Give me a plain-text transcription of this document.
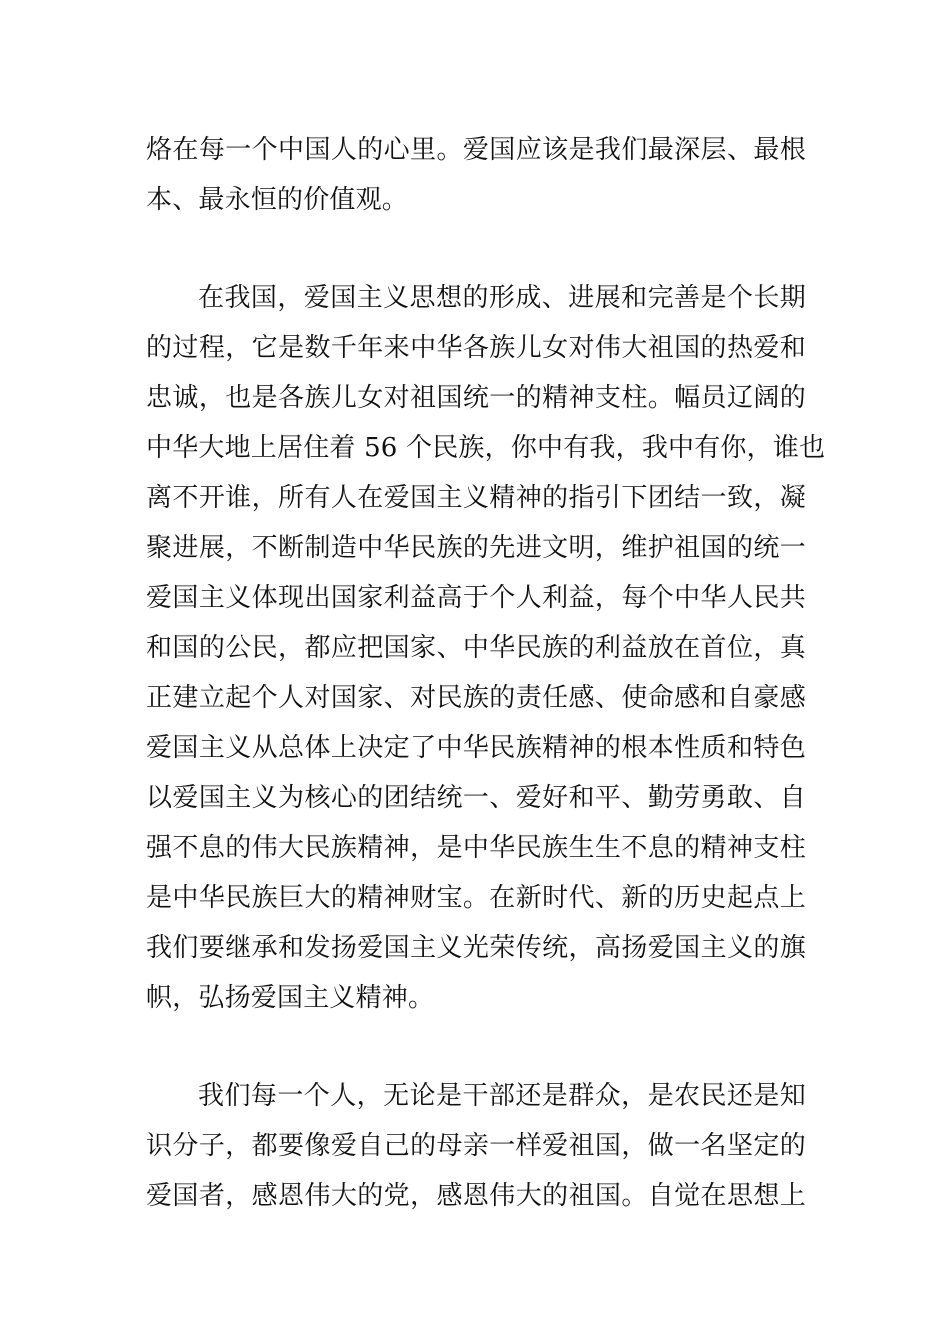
烙在每一个中国人的心里。爱国应该是我们最深层、最根
本、最永恒的价值观。
在我国，爱国主义思想的形成、进展和完善是个长期
的过程，它是数千年来中华各族儿女对伟大祖国的热爱和
忠诚，也是各族儿女对祖国统一的精神支柱。幅员辽阔的
中华大地上居住着 56 个民族，你中有我，我中有你，谁也
离不开谁，所有人在爱国主义精神的指引下团结一致，凝
聚进展，不断制造中华民族的先进文明，维护祖国的统一
爱国主义体现出国家利益高于个人利益，每个中华人民共
和国的公民，都应把国家、中华民族的利益放在首位，真
正建立起个人对国家、对民族的责任感、使命感和自豪感
爱国主义从总体上决定了中华民族精神的根本性质和特色
以爱国主义为核心的团结统一、爱好和平、勤劳勇敢、自
强不息的伟大民族精神，是中华民族生生不息的精神支柱
是中华民族巨大的精神财宝。在新时代、新的历史起点上
我们要继承和发扬爱国主义光荣传统，高扬爱国主义的旗
帜，弘扬爱国主义精神。
我们每一个人，无论是干部还是群众，是农民还是知
识分子，都要像爱自己的母亲一样爱祖国，做一名坚定的
爱国者，感恩伟大的党，感恩伟大的祖国。自觉在思想上
